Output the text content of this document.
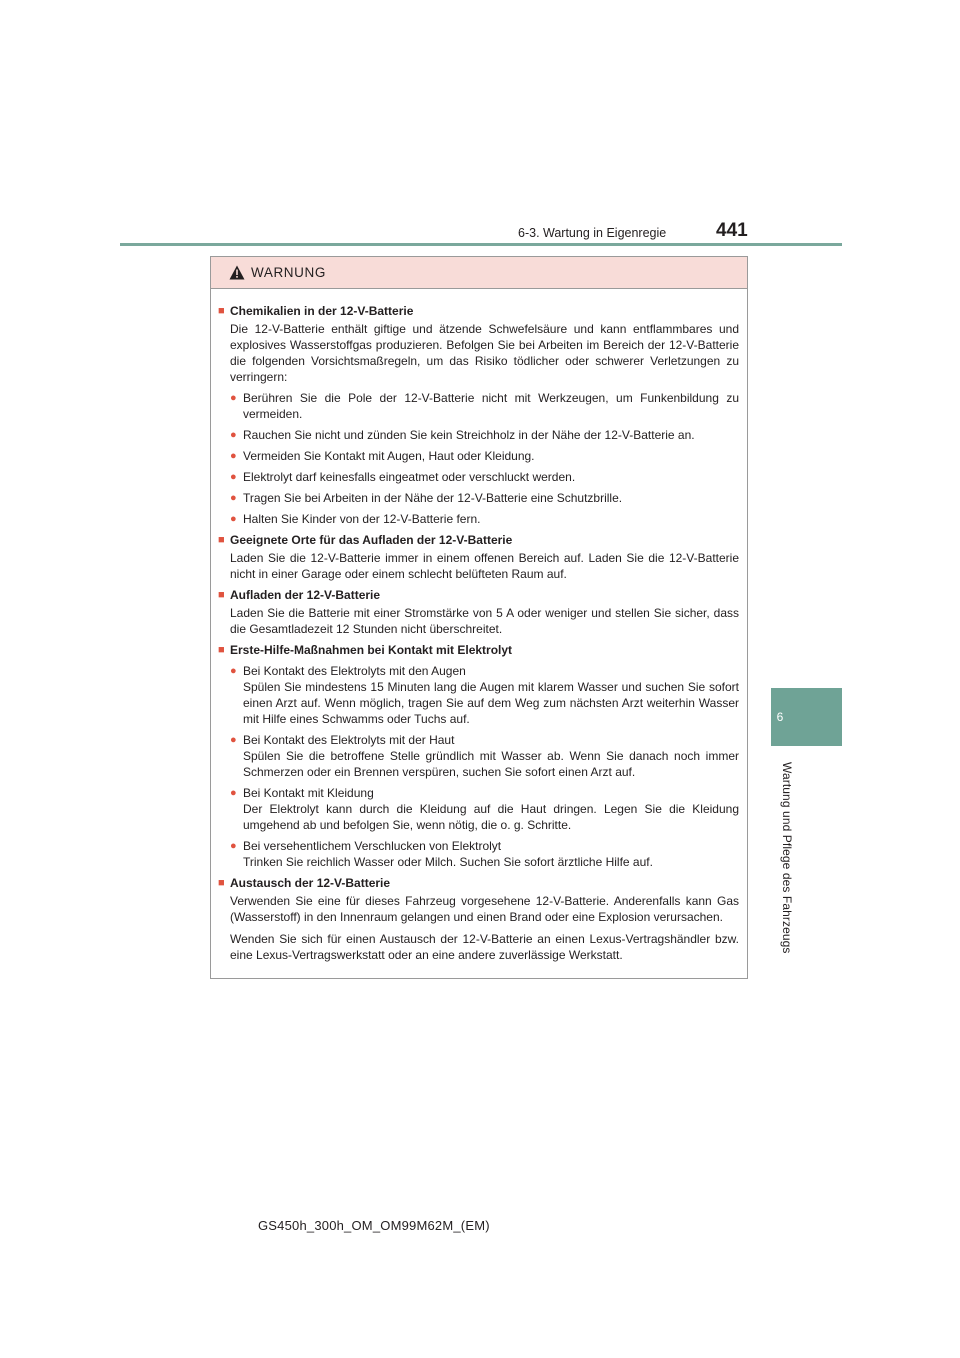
6-3. Wartung in Eigenregie	441
6
Wartung und Pflege des Fahrzeugs
WARNUNG
■ Chemikalien in der 12-V-Batterie
Die 12-V-Batterie enthält giftige und ätzende Schwefelsäure und kann entflammbares und explosives Wasserstoffgas produzieren. Befolgen Sie bei Arbeiten im Bereich der 12-V-Batterie die folgenden Vorsichtsmaßregeln, um das Risiko tödlicher oder schwerer Verletzungen zu verringern:
● Berühren Sie die Pole der 12-V-Batterie nicht mit Werkzeugen, um Funkenbildung zu vermeiden.
● Rauchen Sie nicht und zünden Sie kein Streichholz in der Nähe der 12-V-Batterie an.
● Vermeiden Sie Kontakt mit Augen, Haut oder Kleidung.
● Elektrolyt darf keinesfalls eingeatmet oder verschluckt werden.
● Tragen Sie bei Arbeiten in der Nähe der 12-V-Batterie eine Schutzbrille.
● Halten Sie Kinder von der 12-V-Batterie fern.
■ Geeignete Orte für das Aufladen der 12-V-Batterie
Laden Sie die 12-V-Batterie immer in einem offenen Bereich auf. Laden Sie die 12-V-Batterie nicht in einer Garage oder einem schlecht belüfteten Raum auf.
■ Aufladen der 12-V-Batterie
Laden Sie die Batterie mit einer Stromstärke von 5 A oder weniger und stellen Sie sicher, dass die Gesamtladezeit 12 Stunden nicht überschreitet.
■ Erste-Hilfe-Maßnahmen bei Kontakt mit Elektrolyt
● Bei Kontakt des Elektrolyts mit den Augen
Spülen Sie mindestens 15 Minuten lang die Augen mit klarem Wasser und suchen Sie sofort einen Arzt auf. Wenn möglich, tragen Sie auf dem Weg zum nächsten Arzt weiterhin Wasser mit Hilfe eines Schwamms oder Tuchs auf.
● Bei Kontakt des Elektrolyts mit der Haut
Spülen Sie die betroffene Stelle gründlich mit Wasser ab. Wenn Sie danach noch immer Schmerzen oder ein Brennen verspüren, suchen Sie sofort einen Arzt auf.
● Bei Kontakt mit Kleidung
Der Elektrolyt kann durch die Kleidung auf die Haut dringen. Legen Sie die Kleidung umgehend ab und befolgen Sie, wenn nötig, die o. g. Schritte.
● Bei versehentlichem Verschlucken von Elektrolyt
Trinken Sie reichlich Wasser oder Milch. Suchen Sie sofort ärztliche Hilfe auf.
■ Austausch der 12-V-Batterie
Verwenden Sie eine für dieses Fahrzeug vorgesehene 12-V-Batterie. Anderenfalls kann Gas (Wasserstoff) in den Innenraum gelangen und einen Brand oder eine Explosion verursachen.
Wenden Sie sich für einen Austausch der 12-V-Batterie an einen Lexus-Vertragshändler bzw. eine Lexus-Vertragswerkstatt oder an eine andere zuverlässige Werkstatt.
GS450h_300h_OM_OM99M62M_(EM)
